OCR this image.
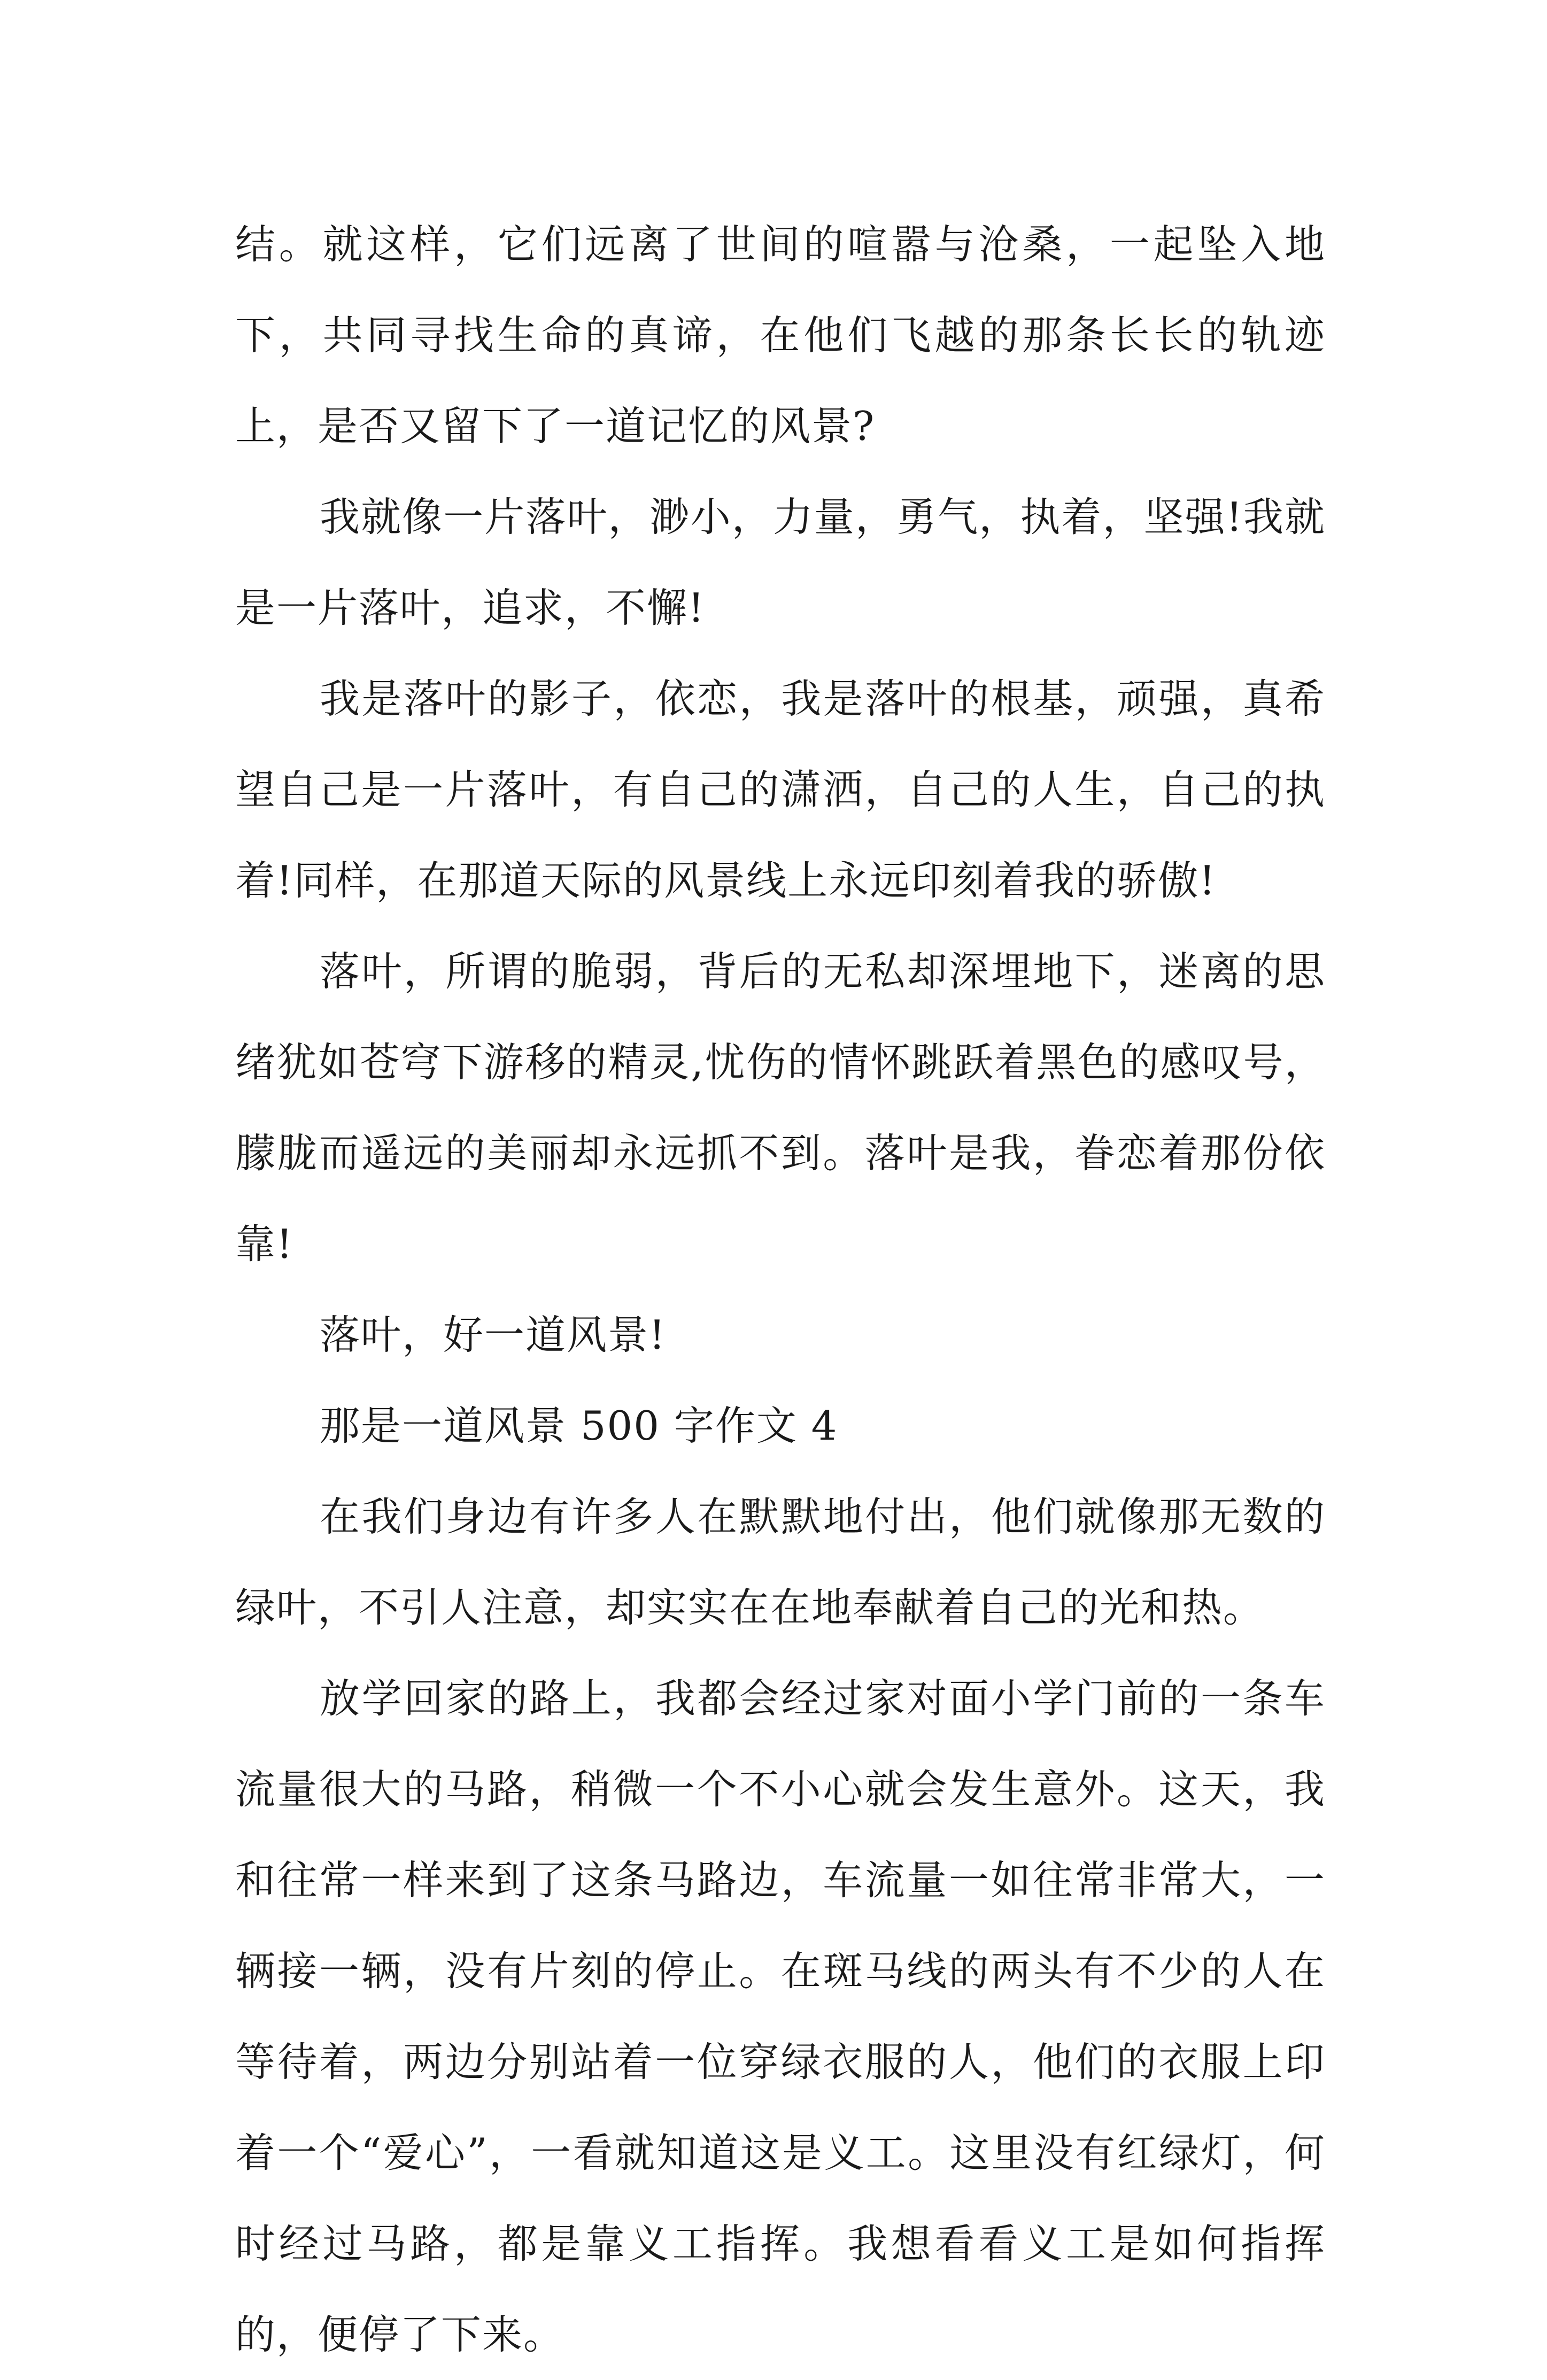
结。就这样，它们远离了世间的喧嚣与沧桑，一起坠入地下，共同寻找生命的真谛，在他们飞越的那条长长的轨迹上，是否又留下了一道记忆的风景?

我就像一片落叶，渺小，力量，勇气，执着，坚强!我就是一片落叶，追求，不懈!

我是落叶的影子，依恋，我是落叶的根基，顽强，真希望自己是一片落叶，有自己的潇洒，自己的人生，自己的执着!同样，在那道天际的风景线上永远印刻着我的骄傲!

落叶，所谓的脆弱，背后的无私却深埋地下，迷离的思绪犹如苍穹下游移的精灵,忧伤的情怀跳跃着黑色的感叹号，朦胧而遥远的美丽却永远抓不到。落叶是我，眷恋着那份依靠!

落叶，好一道风景!

那是一道风景 500 字作文 4

在我们身边有许多人在默默地付出，他们就像那无数的绿叶，不引人注意，却实实在在地奉献着自己的光和热。

放学回家的路上，我都会经过家对面小学门前的一条车流量很大的马路，稍微一个不小心就会发生意外。这天，我和往常一样来到了这条马路边，车流量一如往常非常大，一辆接一辆，没有片刻的停止。在斑马线的两头有不少的人在等待着，两边分别站着一位穿绿衣服的人，他们的衣服上印着一个“爱心”，一看就知道这是义工。这里没有红绿灯，何时经过马路，都是靠义工指挥。我想看看义工是如何指挥的，便停了下来。
